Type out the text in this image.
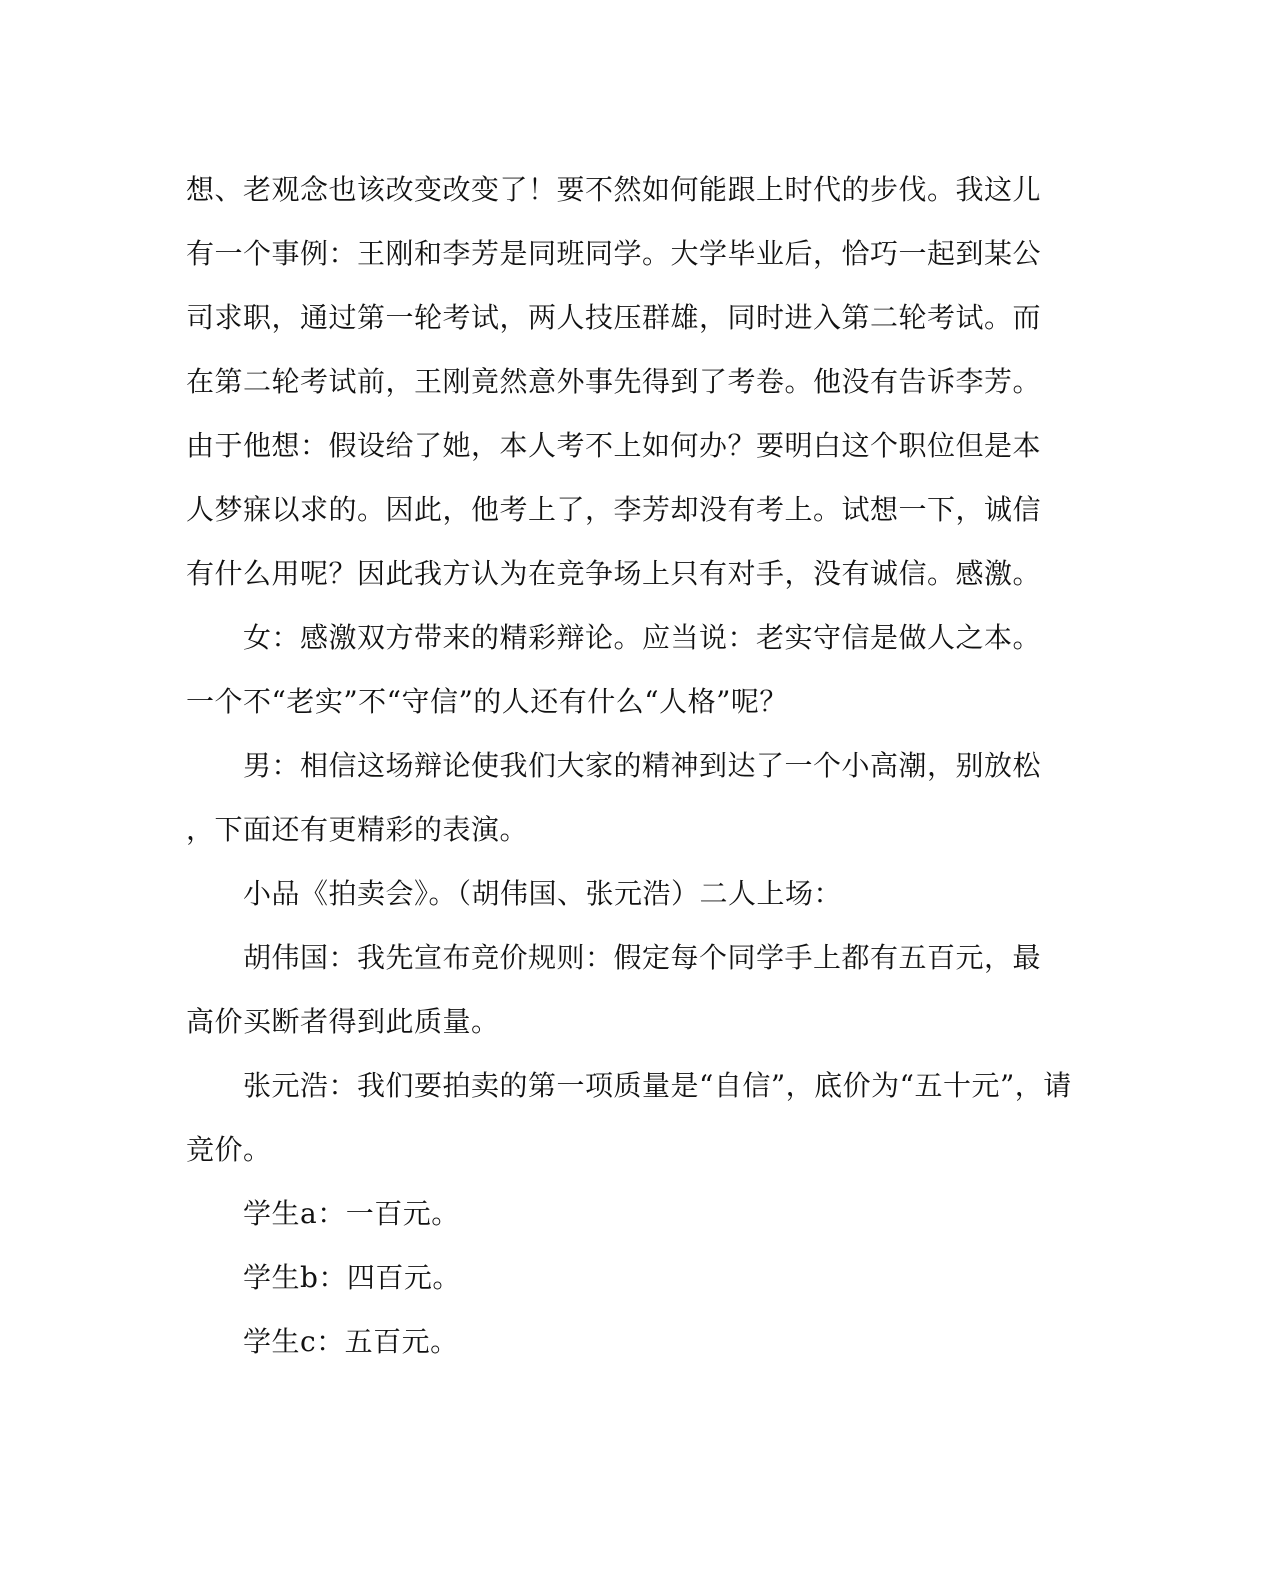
想、老观念也该改变改变了！要不然如何能跟上时代的步伐。我这儿
有一个事例：王刚和李芳是同班同学。大学毕业后，恰巧一起到某公
司求职，通过第一轮考试，两人技压群雄，同时进入第二轮考试。而
在第二轮考试前，王刚竟然意外事先得到了考卷。他没有告诉李芳。
由于他想：假设给了她，本人考不上如何办？要明白这个职位但是本
人梦寐以求的。因此，他考上了，李芳却没有考上。试想一下，诚信
有什么用呢？因此我方认为在竞争场上只有对手，没有诚信。感激。
女：感激双方带来的精彩辩论。应当说：老实守信是做人之本。
一个不“老实”不“守信”的人还有什么“人格”呢？
男：相信这场辩论使我们大家的精神到达了一个小高潮，别放松
，下面还有更精彩的表演。
小品《拍卖会》。（胡伟国、张元浩）二人上场：
胡伟国：我先宣布竞价规则：假定每个同学手上都有五百元，最
高价买断者得到此质量。
张元浩：我们要拍卖的第一项质量是“自信”，底价为“五十元”，请
竞价。
学生a：一百元。
学生b：四百元。
学生c：五百元。
